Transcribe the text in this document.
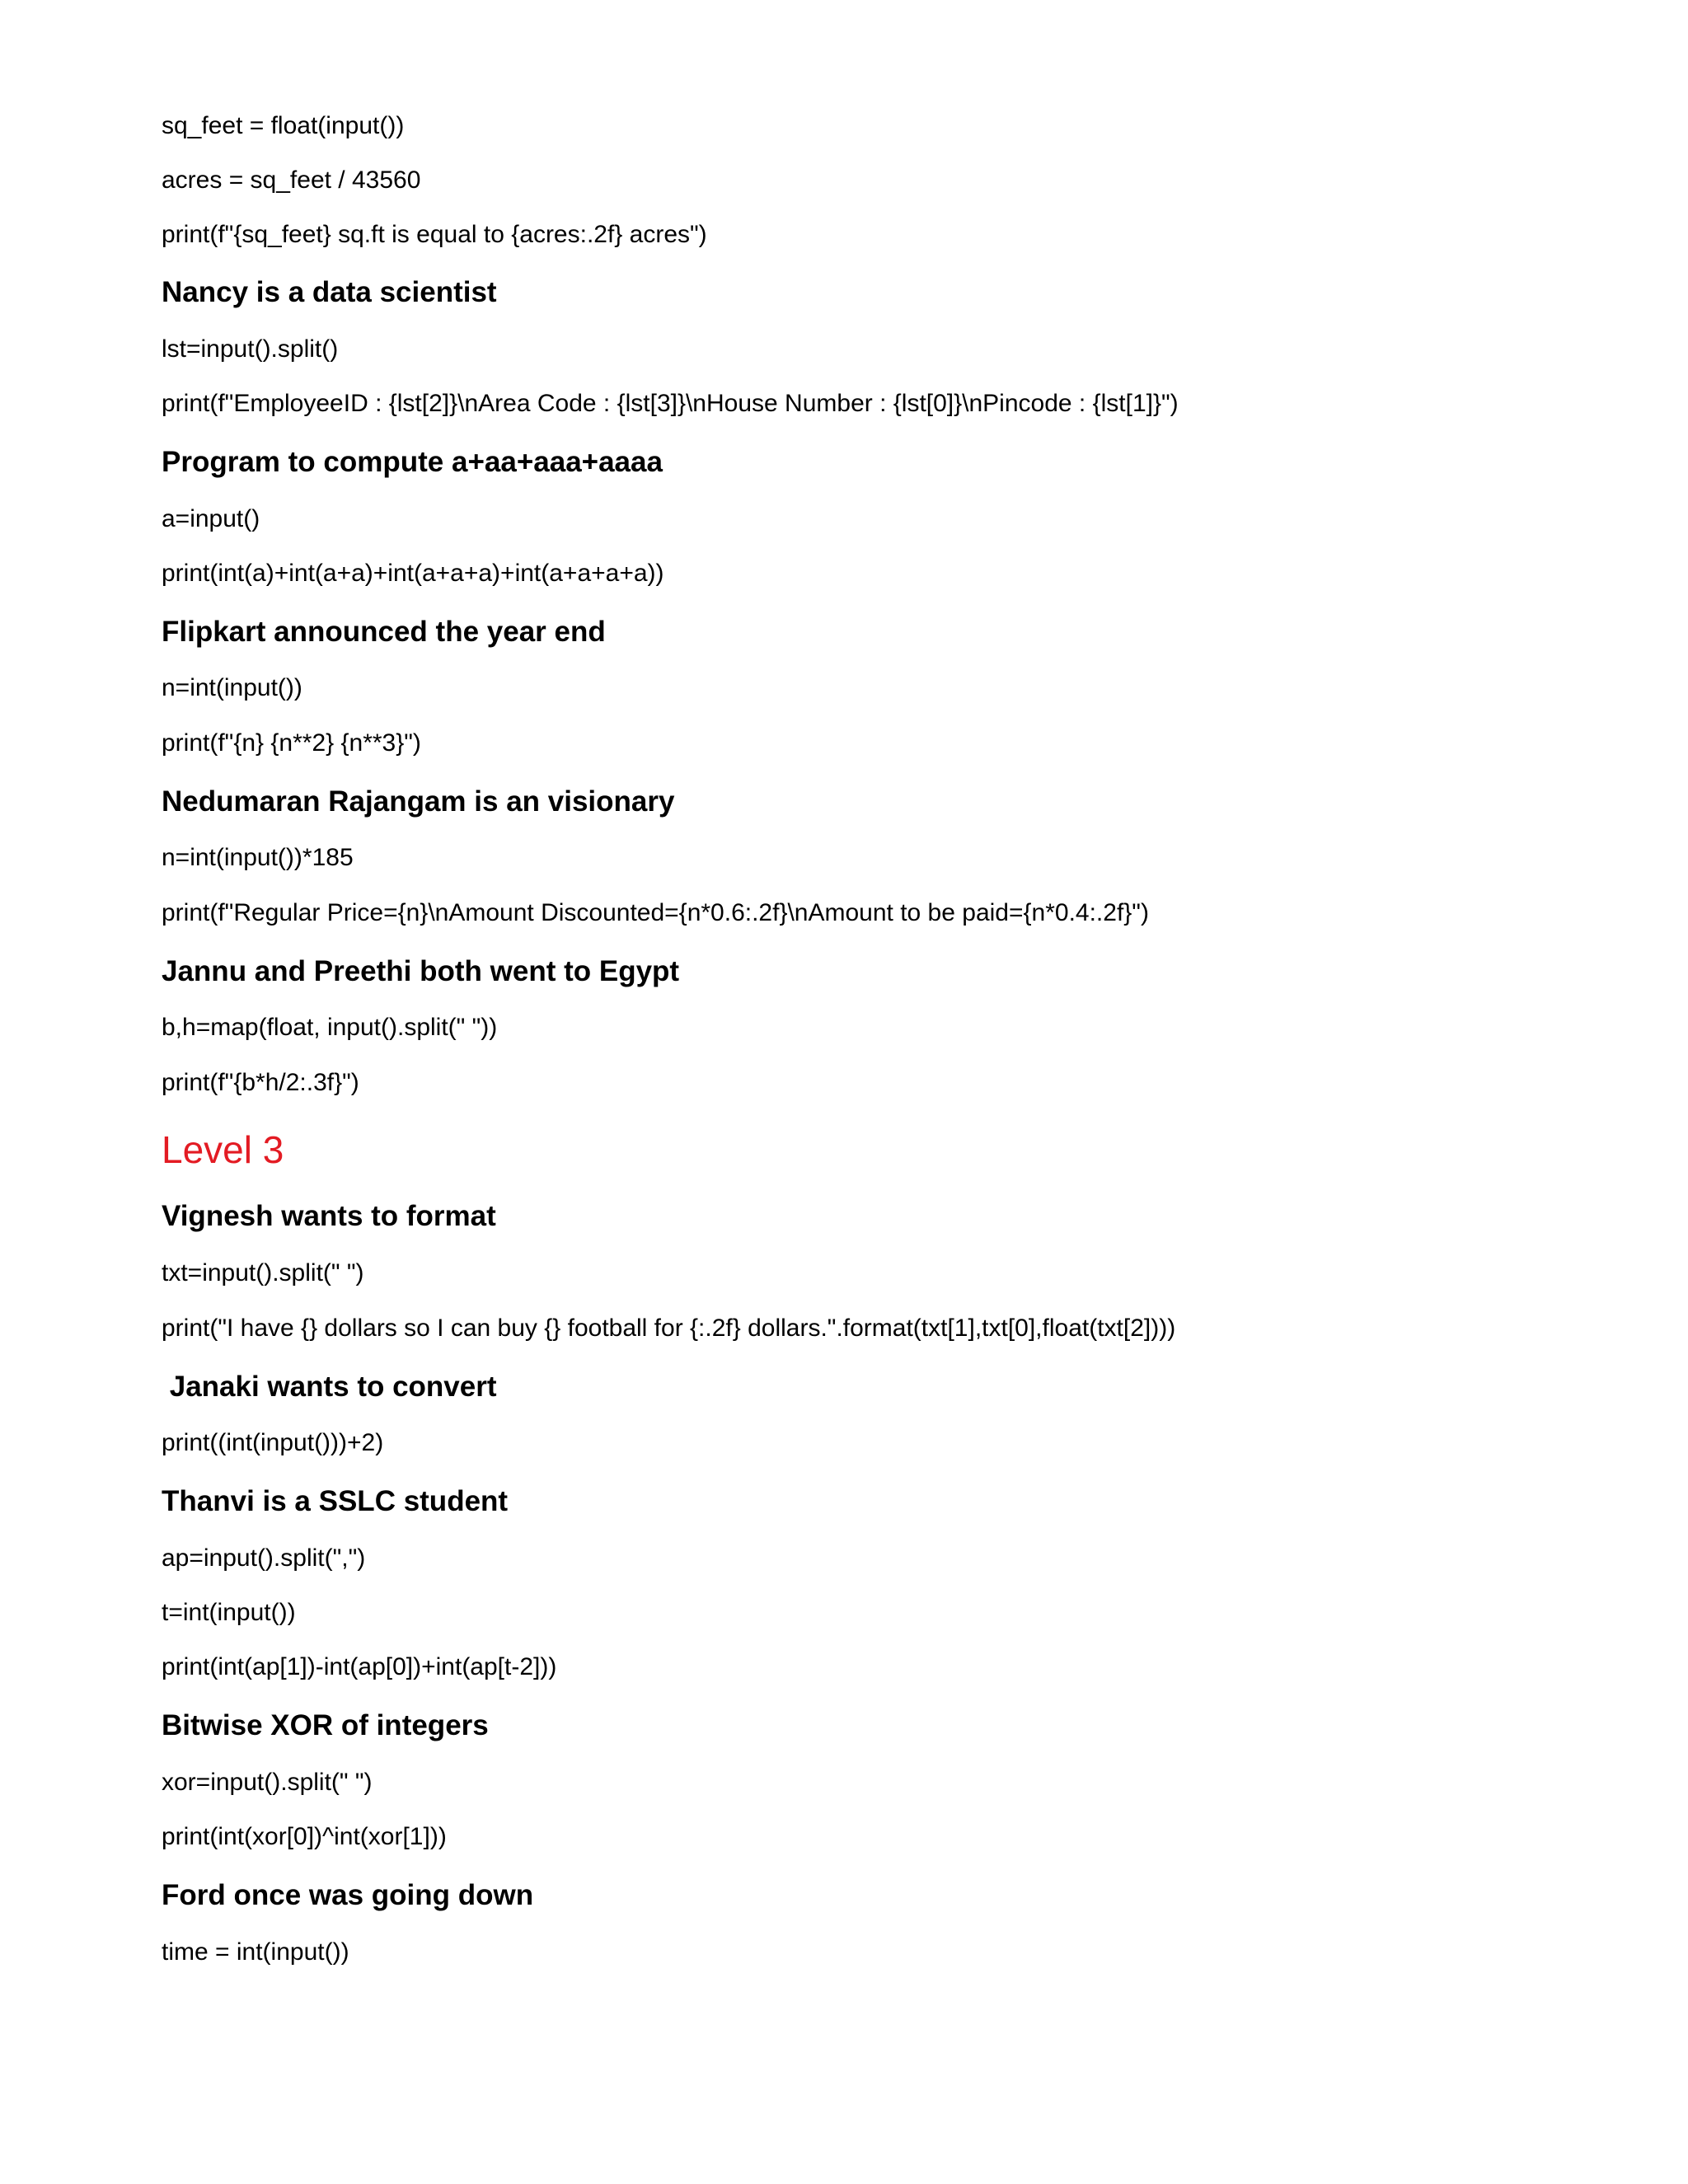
sq_feet = float(input())
acres = sq_feet / 43560
print(f"{sq_feet} sq.ft is equal to {acres:.2f} acres")
Nancy is a data scientist
lst=input().split()
print(f"EmployeeID : {lst[2]}\nArea Code : {lst[3]}\nHouse Number : {lst[0]}\nPincode : {lst[1]}")
Program to compute a+aa+aaa+aaaa
a=input()
print(int(a)+int(a+a)+int(a+a+a)+int(a+a+a+a))
Flipkart announced the year end
n=int(input())
print(f"{n} {n**2} {n**3}")
Nedumaran Rajangam is an visionary
n=int(input())*185
print(f"Regular Price={n}\nAmount Discounted={n*0.6:.2f}\nAmount to be paid={n*0.4:.2f}")
Jannu and Preethi both went to Egypt
b,h=map(float, input().split(" "))
print(f"{b*h/2:.3f}")
Level 3
Vignesh wants to format
txt=input().split(" ")
print("I have {} dollars so I can buy {} football for {:.2f} dollars.".format(txt[1],txt[0],float(txt[2])))
Janaki wants to convert
print((int(input()))+2)
Thanvi is a SSLC student
ap=input().split(",")
t=int(input())
print(int(ap[1])-int(ap[0])+int(ap[t-2]))
Bitwise XOR of integers
xor=input().split(" ")
print(int(xor[0])^int(xor[1]))
Ford once was going down
time = int(input())
